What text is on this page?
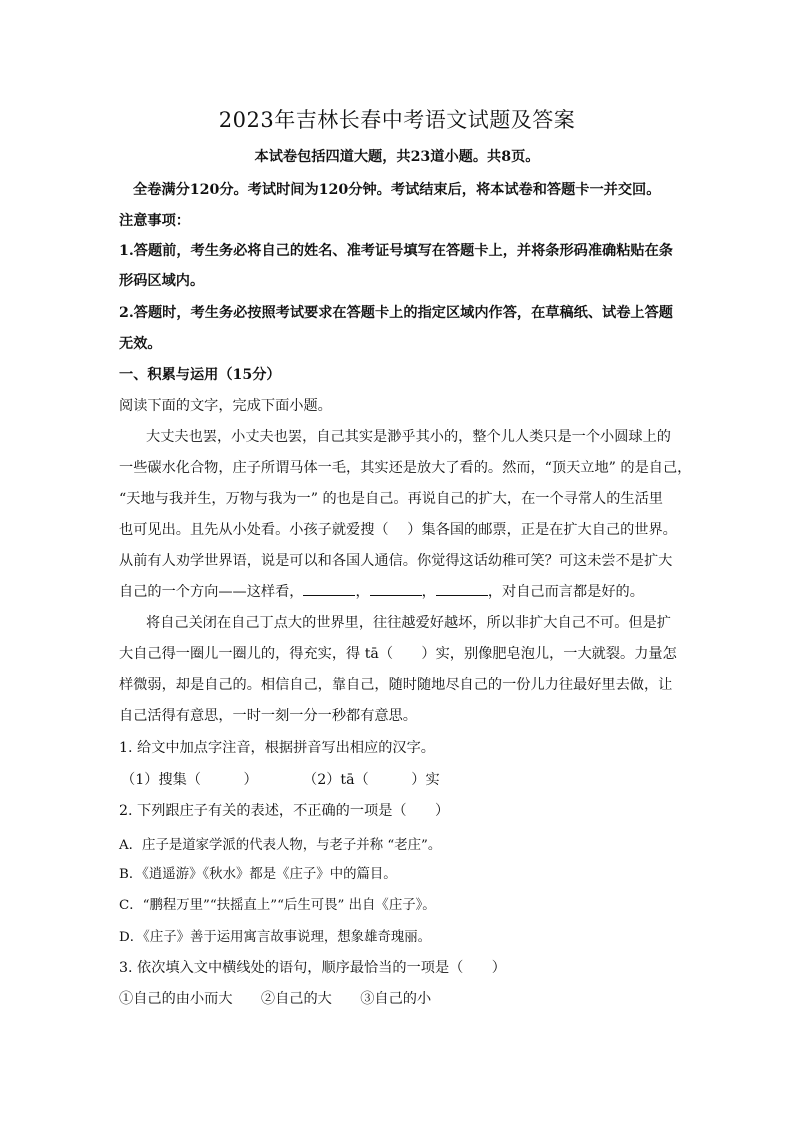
2023年吉林长春中考语文试题及答案
本试卷包括四道大题，共23道小题。共8页。
全卷满分120分。考试时间为120分钟。考试结束后，将本试卷和答题卡一并交回。
注意事项：
1.答题前，考生务必将自己的姓名、准考证号填写在答题卡上，并将条形码准确粘贴在条
形码区域内。
2.答题时，考生务必按照考试要求在答题卡上的指定区域内作答，在草稿纸、试卷上答题
无效。
一、积累与运用（15分）
阅读下面的文字，完成下面小题。
大丈夫也罢，小丈夫也罢，自己其实是渺乎其小的，整个儿人类只是一个小圆球上的
一些碳水化合物，庄子所谓马体一毛，其实还是放大了看的。然而，“顶天立地” 的是自己，
“天地与我并生，万物与我为一” 的也是自己。再说自己的扩大，在一个寻常人的生活里
也可见出。且先从小处看。小孩子就爱搜（　 ）集各国的邮票，正是在扩大自己的世界。
从前有人劝学世界语，说是可以和各国人通信。你觉得这话幼稚可笑？可这未尝不是扩大
自己的一个方向——这样看，	，	，	，对自己而言都是好的。
将自己关闭在自己丁点大的世界里，往往越爱好越坏，所以非扩大自己不可。但是扩
大自己得一圈儿一圈儿的，得充实，得 tā（　　）实，别像肥皂泡儿，一大就裂。力量怎
样微弱，却是自己的。相信自己，靠自己，随时随地尽自己的一份儿力往最好里去做，让
自己活得有意思，一时一刻一分一秒都有意思。
1. 给文中加点字注音，根据拼音写出相应的汉字。
（1）搜集（　　　）	（2）tā（　　　）实
2. 下列跟庄子有关的表述，不正确的一项是（　　）
A．庄子是道家学派的代表人物，与老子并称 “老庄”。
B．《逍遥游》《秋水》都是《庄子》中的篇目。
C．“鹏程万里”“扶摇直上”“后生可畏” 出自《庄子》。
D．《庄子》善于运用寓言故事说理，想象雄奇瑰丽。
3. 依次填入文中横线处的语句，顺序最恰当的一项是（　　）
①自己的由小而大　　②自己的大　　③自己的小
